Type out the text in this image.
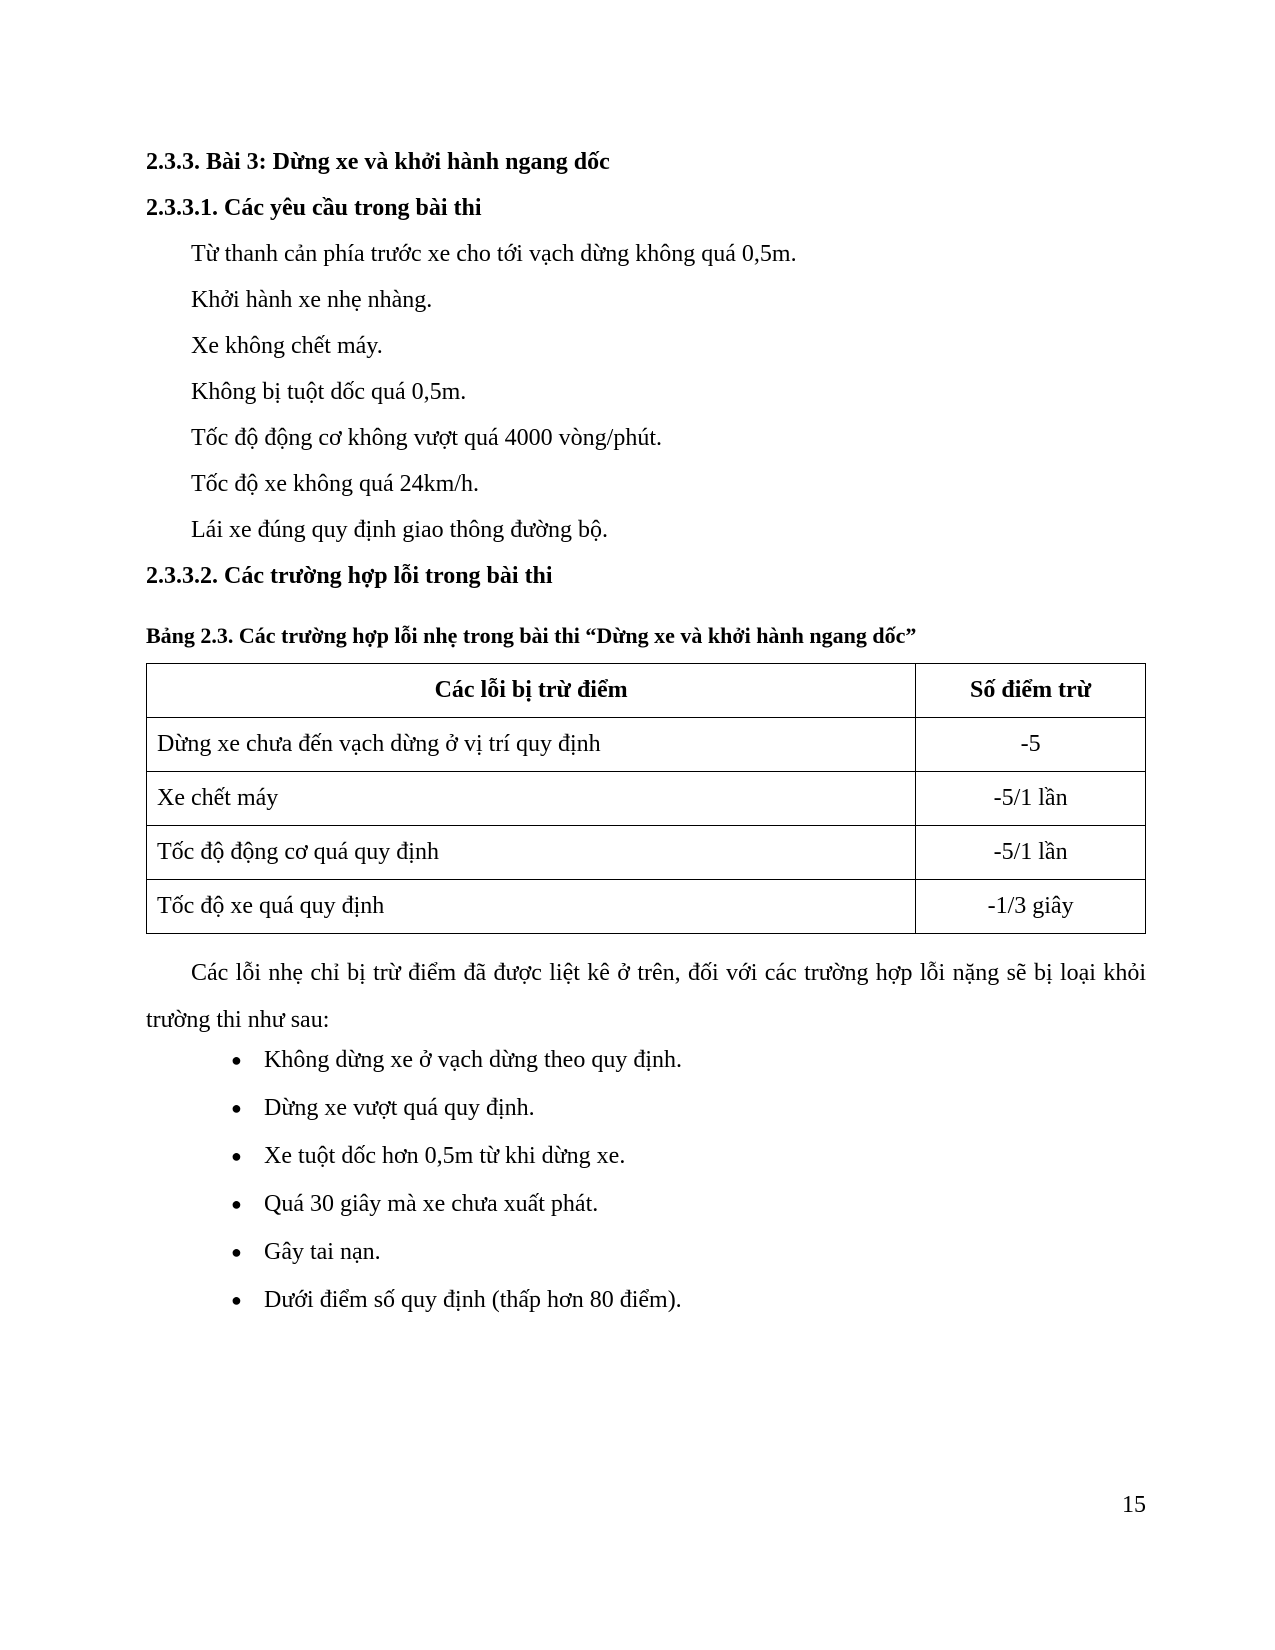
2.3.3. Bài 3: Dừng xe và khởi hành ngang dốc
2.3.3.1. Các yêu cầu trong bài thi
Từ thanh cản phía trước xe cho tới vạch dừng không quá 0,5m.
Khởi hành xe nhẹ nhàng.
Xe không chết máy.
Không bị tuột dốc quá 0,5m.
Tốc độ động cơ không vượt quá 4000 vòng/phút.
Tốc độ xe không quá 24km/h.
Lái xe đúng quy định giao thông đường bộ.
2.3.3.2. Các trường hợp lỗi trong bài thi
Bảng 2.3. Các trường hợp lỗi nhẹ trong bài thi “Dừng xe và khởi hành ngang dốc”
Các lỗi bị trừ điểm	Số điểm trừ
Dừng xe chưa đến vạch dừng ở vị trí quy định	-5
Xe chết máy	-5/1 lần
Tốc độ động cơ quá quy định	-5/1 lần
Tốc độ xe quá quy định	-1/3 giây

Các lỗi nhẹ chỉ bị trừ điểm đã được liệt kê ở trên, đối với các trường hợp lỗi nặng sẽ bị loại khỏi trường thi như sau:

● Không dừng xe ở vạch dừng theo quy định.
● Dừng xe vượt quá quy định.
● Xe tuột dốc hơn 0,5m từ khi dừng xe.
● Quá 30 giây mà xe chưa xuất phát.
● Gây tai nạn.
● Dưới điểm số quy định (thấp hơn 80 điểm).
15
